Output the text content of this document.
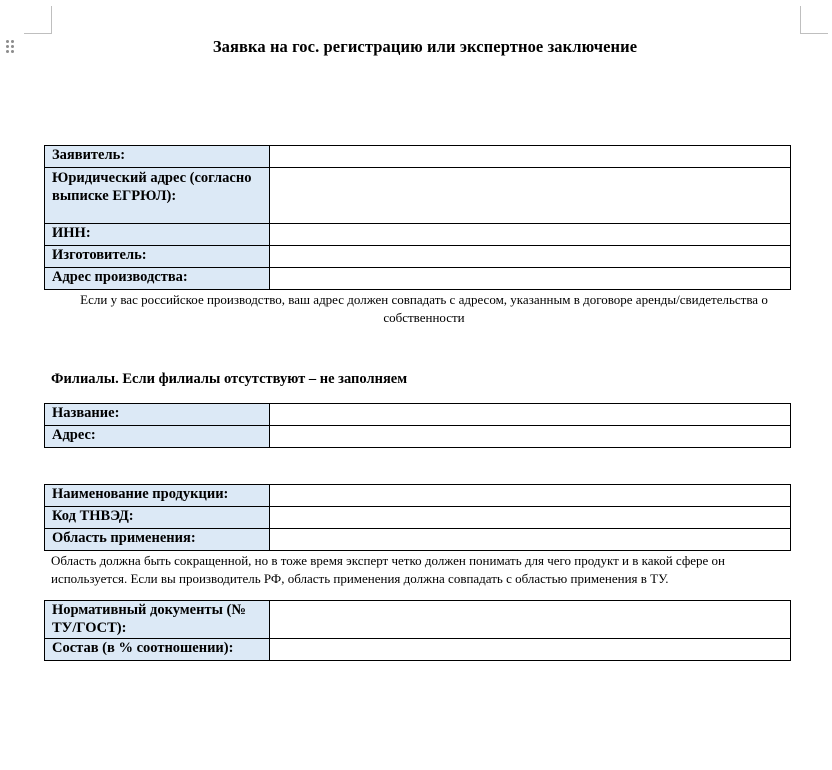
Заявка на гос. регистрацию или экспертное заключение
Заявитель:	
Юридический адрес (согласно выписке ЕГРЮЛ):	
ИНН:	
Изготовитель:	
Адрес производства:	
Если у вас российское производство, ваш адрес должен совпадать с адресом, указанным в договоре аренды/свидетельства о собственности
Филиалы. Если филиалы отсутствуют – не заполняем
Название:	
Адрес:	
Наименование продукции:	
Код ТНВЭД:	
Область применения:	
Область должна быть сокращенной, но в тоже время эксперт четко должен понимать для чего продукт и в какой сфере он используется. Если вы производитель РФ, область применения должна совпадать с областью применения в ТУ.
Нормативный документы (№ ТУ/ГОСТ):	
Состав (в % соотношении):	
